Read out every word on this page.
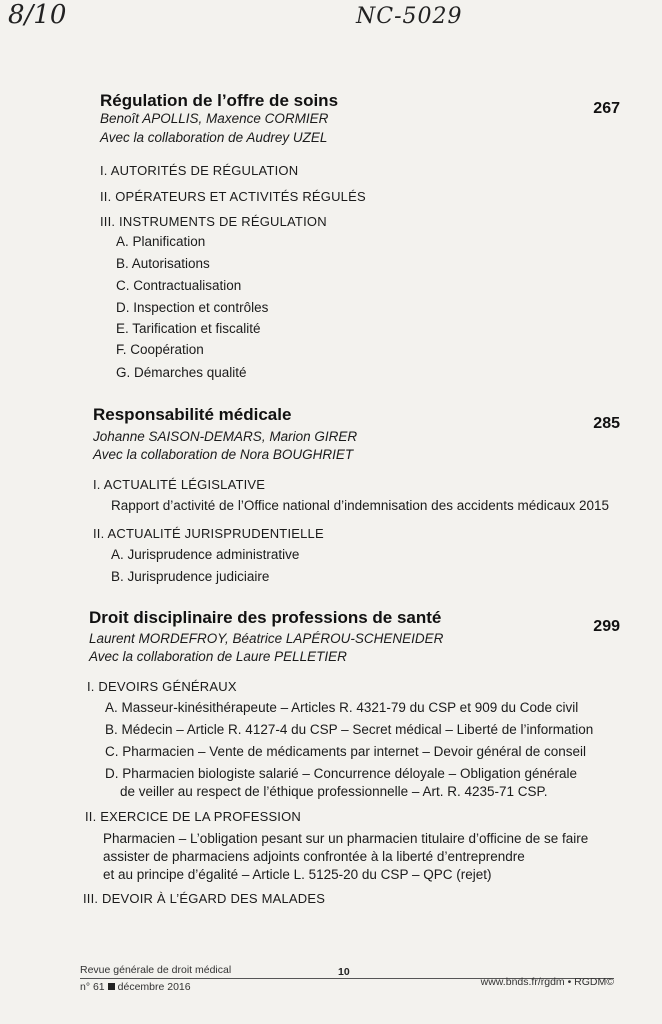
8/10	NC-5029

Régulation de l’offre de soins	267
Benoît APOLLIS, Maxence CORMIER
Avec la collaboration de Audrey UZEL
I. AUTORITÉS DE RÉGULATION
II. OPÉRATEURS ET ACTIVITÉS RÉGULÉS
III. INSTRUMENTS DE RÉGULATION
A. Planification
B. Autorisations
C. Contractualisation
D. Inspection et contrôles
E. Tarification et fiscalité
F. Coopération
G. Démarches qualité
Responsabilité médicale	285
Johanne SAISON-DEMARS, Marion GIRER
Avec la collaboration de Nora BOUGHRIET
I. ACTUALITÉ LÉGISLATIVE
Rapport d’activité de l’Office national d’indemnisation des accidents médicaux 2015
II. ACTUALITÉ JURISPRUDENTIELLE
A. Jurisprudence administrative
B. Jurisprudence judiciaire
Droit disciplinaire des professions de santé	299
Laurent MORDEFROY, Béatrice LAPÉROU-SCHENEIDER
Avec la collaboration de Laure PELLETIER
I. DEVOIRS GÉNÉRAUX
A. Masseur-kinésithérapeute – Articles R. 4321-79 du CSP et 909 du Code civil
B. Médecin – Article R. 4127-4 du CSP – Secret médical – Liberté de l’information
C. Pharmacien – Vente de médicaments par internet – Devoir général de conseil
D. Pharmacien biologiste salarié – Concurrence déloyale – Obligation générale
de veiller au respect de l’éthique professionnelle – Art. R. 4235-71 CSP.
II. EXERCICE DE LA PROFESSION
Pharmacien – L’obligation pesant sur un pharmacien titulaire d’officine de se faire
assister de pharmaciens adjoints confrontée à la liberté d’entreprendre
et au principe d’égalité – Article L. 5125-20 du CSP – QPC (rejet)
III. DEVOIR À L’ÉGARD DES MALADES
Revue générale de droit médical
n° 61 décembre 2016
10
www.bnds.fr/rgdm • RGDM©
